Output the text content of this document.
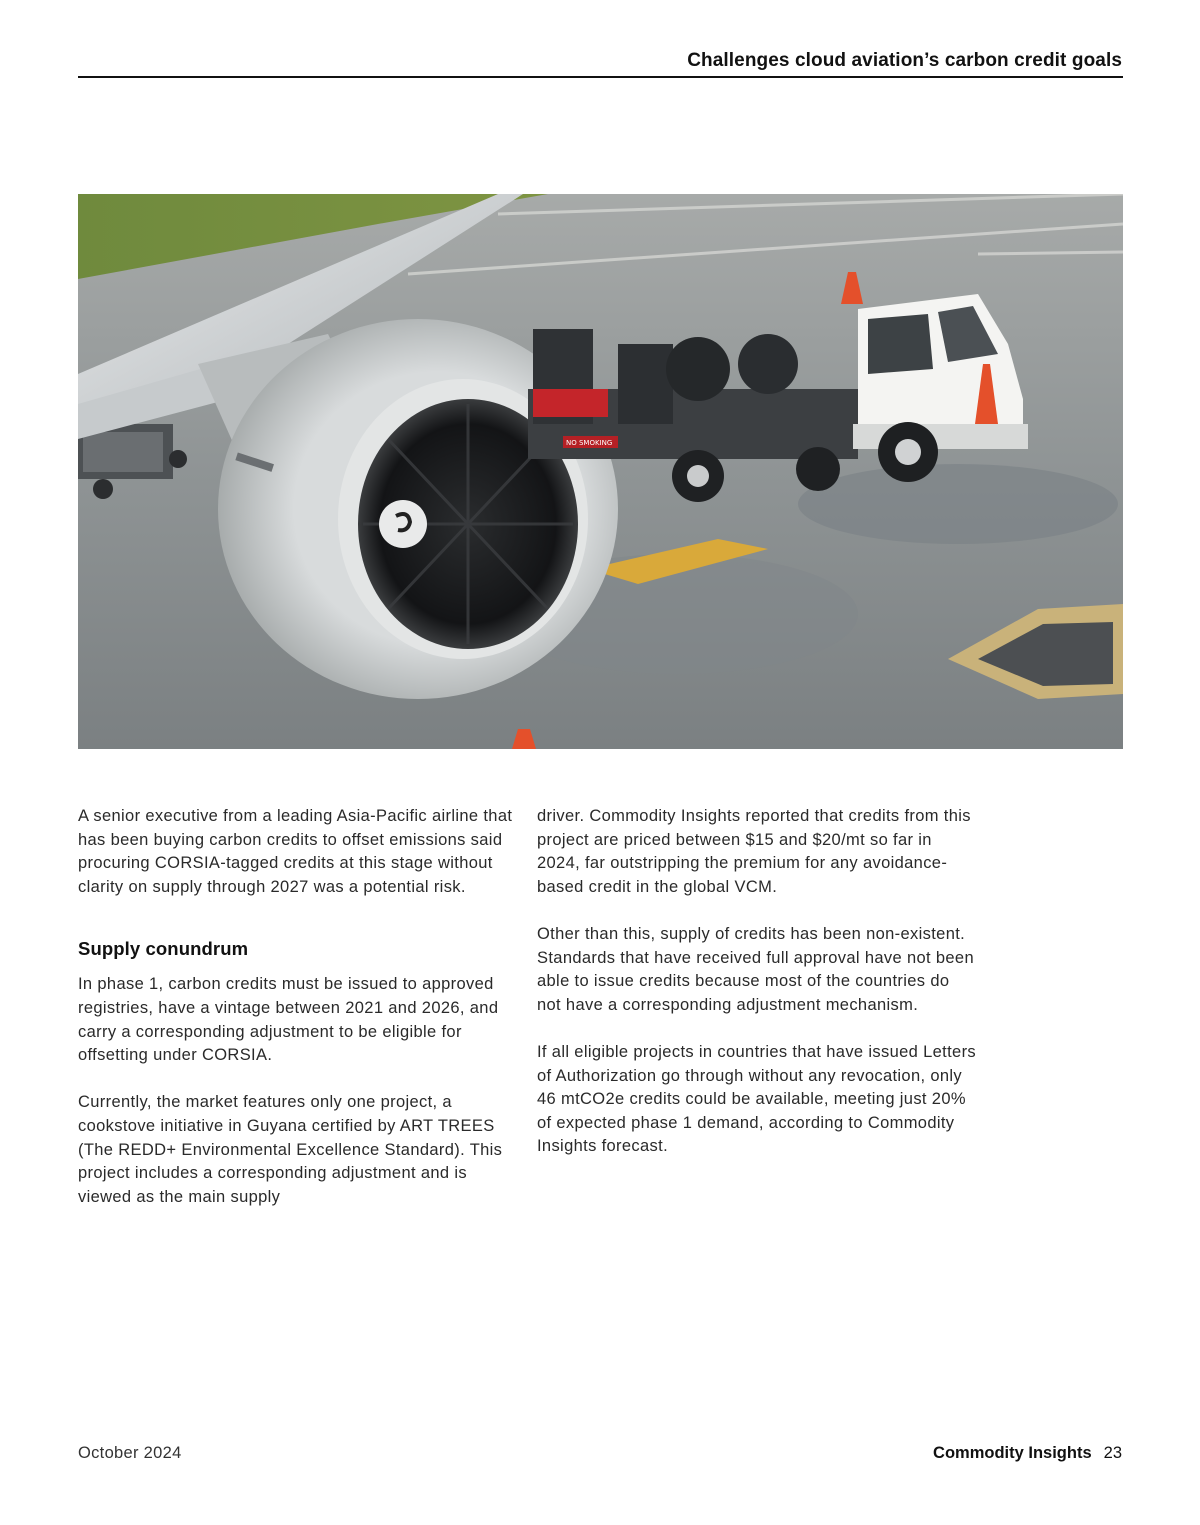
Challenges cloud aviation’s carbon credit goals
NO SMOKING

A senior executive from a leading Asia-Pacific airline that has been buying carbon credits to offset emissions said procuring CORSIA-tagged credits at this stage without clarity on supply through 2027 was a potential risk.

Supply conundrum

In phase 1, carbon credits must be issued to approved registries, have a vintage between 2021 and 2026, and carry a corresponding adjustment to be eligible for offsetting under CORSIA.

Currently, the market features only one project, a cookstove initiative in Guyana certified by ART TREES (The REDD+ Environmental Excellence Standard). This project includes a corresponding adjustment and is viewed as the main supply

driver. Commodity Insights reported that credits from this project are priced between $15 and $20/mt so far in 2024, far outstripping the premium for any avoidance-based credit in the global VCM.

Other than this, supply of credits has been non-existent. Standards that have received full approval have not been able to issue credits because most of the countries do not have a corresponding adjustment mechanism.

If all eligible projects in countries that have issued Letters of Authorization go through without any revocation, only 46 mtCO2e credits could be available, meeting just 20% of expected phase 1 demand, according to Commodity Insights forecast.

October 2024	Commodity Insights 23
